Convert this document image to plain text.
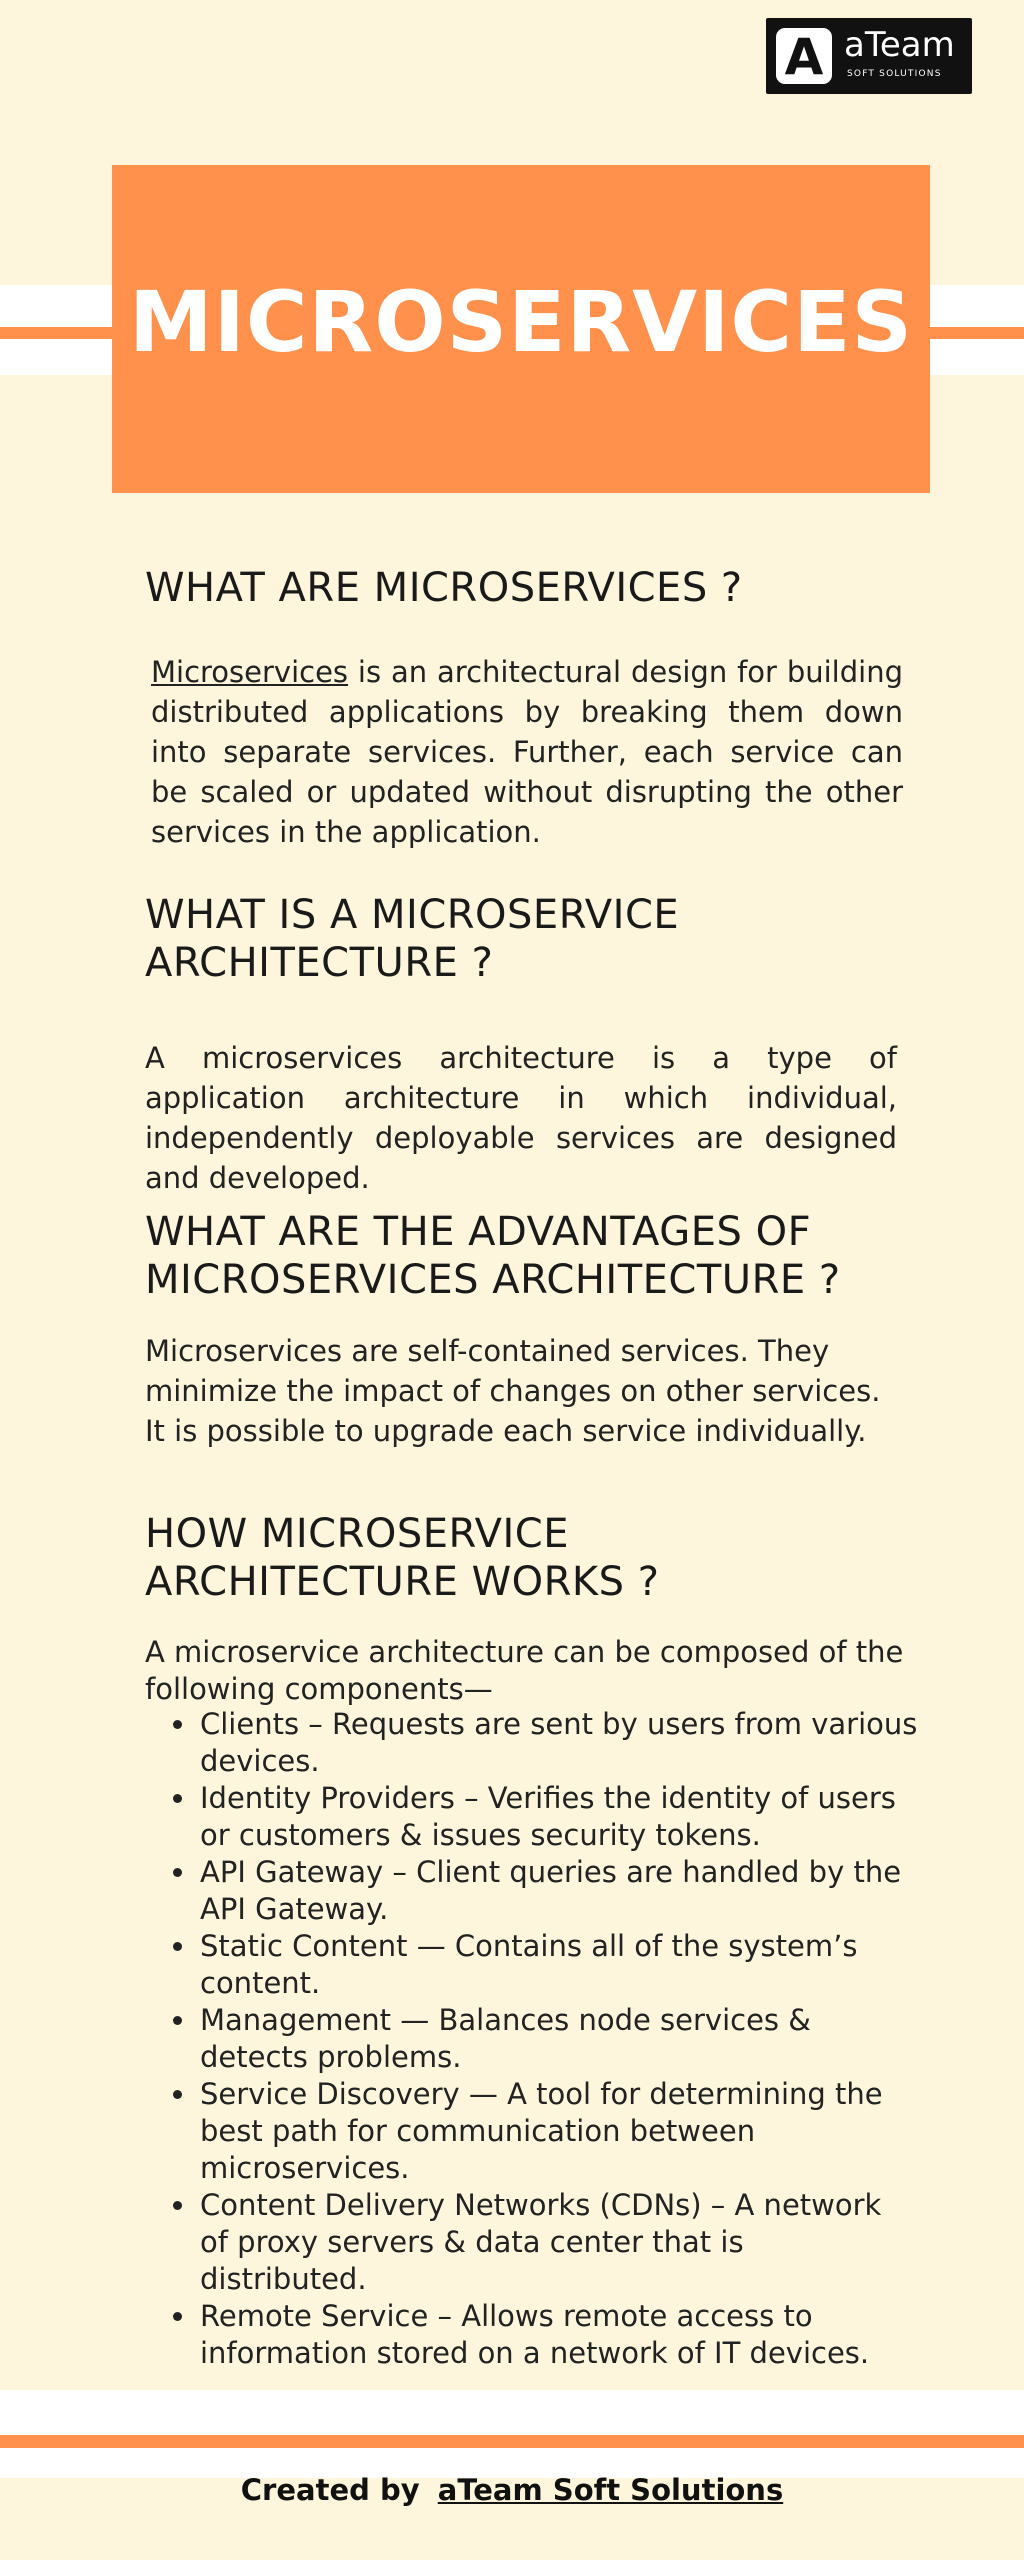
A aTeam
SOFT SOLUTIONS
MICROSERVICES
WHAT ARE MICROSERVICES ?

Microservices is an architectural design for building distributed applications by breaking them down into separate services. Further, each service can be scaled or updated without disrupting the other services in the application.

WHAT IS A MICROSERVICE ARCHITECTURE ?

A microservices architecture is a type of application architecture in which individual, independently deployable services are designed and developed.

WHAT ARE THE ADVANTAGES OF MICROSERVICES ARCHITECTURE ?

Microservices are self-contained services. They minimize the impact of changes on other services. It is possible to upgrade each service individually.

HOW MICROSERVICE ARCHITECTURE WORKS ?

A microservice architecture can be composed of the following components—

• Clients – Requests are sent by users from various devices.
• Identity Providers – Verifies the identity of users or customers & issues security tokens.
• API Gateway – Client queries are handled by the API Gateway.
• Static Content — Contains all of the system’s content.
• Management — Balances node services & detects problems.
• Service Discovery — A tool for determining the best path for communication between microservices.
• Content Delivery Networks (CDNs) – A network of proxy servers & data center that is distributed.
• Remote Service – Allows remote access to information stored on a network of IT devices.
Created by aTeam Soft Solutions
